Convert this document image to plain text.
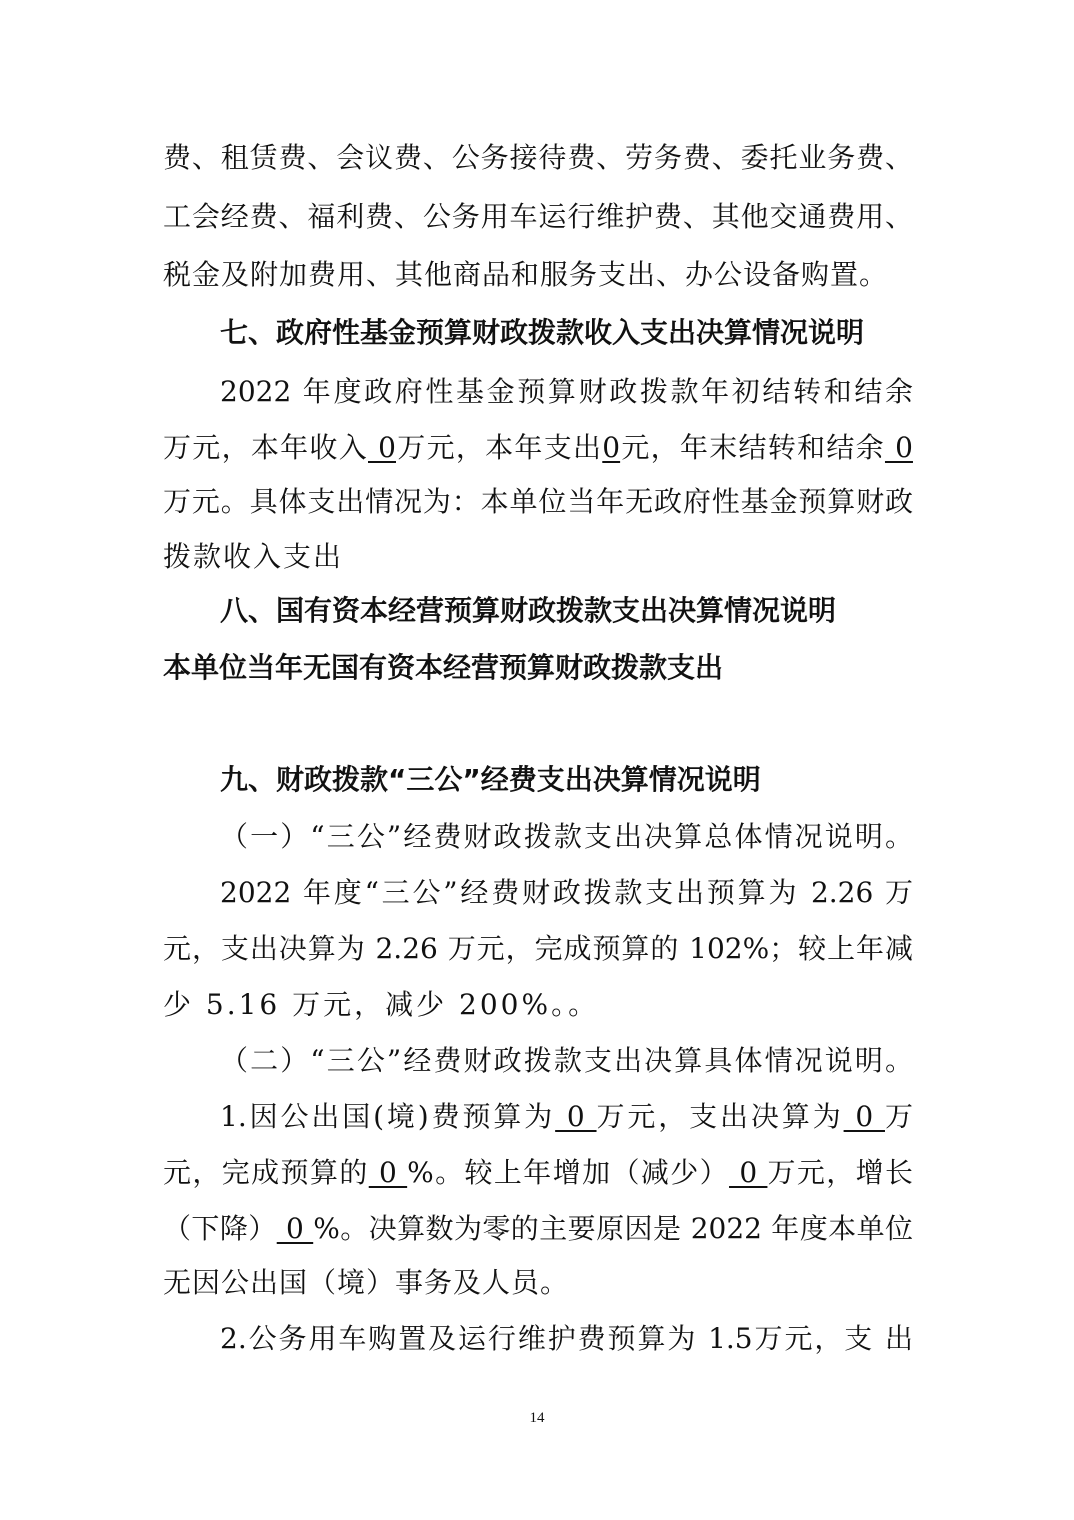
费、租赁费、会议费、公务接待费、劳务费、委托业务费、
工会经费、福利费、公务用车运行维护费、其他交通费用、
税金及附加费用、其他商品和服务支出、办公设备购置。
七、政府性基金预算财政拨款收入支出决算情况说明
2022 年度政府性基金预算财政拨款年初结转和结余
万元，本年收入 0万元，本年支出0元，年末结转和结余 0
万元。具体支出情况为：本单位当年无政府性基金预算财政
拨款收入支出
八、国有资本经营预算财政拨款支出决算情况说明
本单位当年无国有资本经营预算财政拨款支出
九、财政拨款“三公”经费支出决算情况说明
（一）“三公”经费财政拨款支出决算总体情况说明。
2022 年度“三公”经费财政拨款支出预算为 2.26 万
元，支出决算为 2.26 万元，完成预算的 102%；较上年减
少 5.16 万元，减少 200%。。
（二）“三公”经费财政拨款支出决算具体情况说明。
1.因公出国(境)费预算为 0 万元，支出决算为 0 万
元，完成预算的 0 %。较上年增加（减少） 0 万元，增长
（下降） 0 %。决算数为零的主要原因是 2022 年度本单位
无因公出国（境）事务及人员。
2.公务用车购置及运行维护费预算为 1.5万元，支 出
14
